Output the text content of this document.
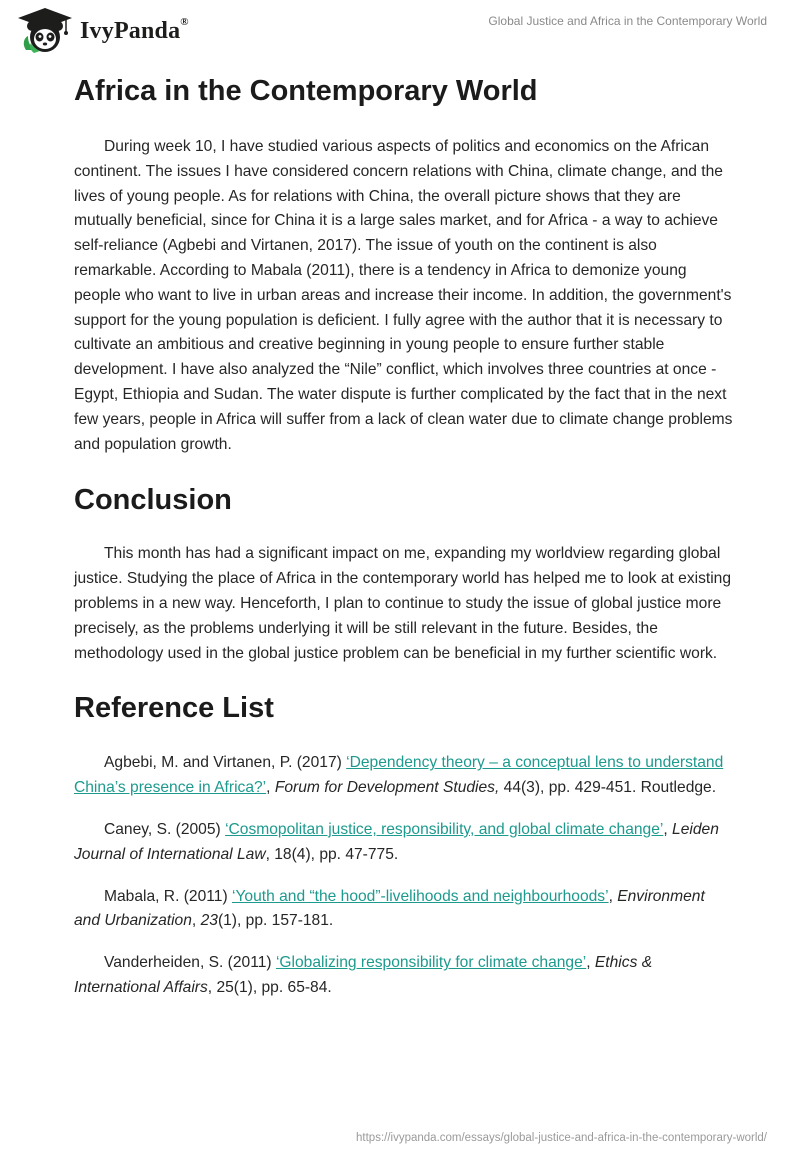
IvyPanda®	Global Justice and Africa in the Contemporary World
Africa in the Contemporary World

During week 10, I have studied various aspects of politics and economics on the African continent. The issues I have considered concern relations with China, climate change, and the lives of young people. As for relations with China, the overall picture shows that they are mutually beneficial, since for China it is a large sales market, and for Africa - a way to achieve self-reliance (Agbebi and Virtanen, 2017). The issue of youth on the continent is also remarkable. According to Mabala (2011), there is a tendency in Africa to demonize young people who want to live in urban areas and increase their income. In addition, the government's support for the young population is deficient. I fully agree with the author that it is necessary to cultivate an ambitious and creative beginning in young people to ensure further stable development. I have also analyzed the “Nile” conflict, which involves three countries at once - Egypt, Ethiopia and Sudan. The water dispute is further complicated by the fact that in the next few years, people in Africa will suffer from a lack of clean water due to climate change problems and population growth.

Conclusion

This month has had a significant impact on me, expanding my worldview regarding global justice. Studying the place of Africa in the contemporary world has helped me to look at existing problems in a new way. Henceforth, I plan to continue to study the issue of global justice more precisely, as the problems underlying it will be still relevant in the future. Besides, the methodology used in the global justice problem can be beneficial in my further scientific work.

Reference List

Agbebi, M. and Virtanen, P. (2017) ‘Dependency theory – a conceptual lens to understand China’s presence in Africa?’, Forum for Development Studies, 44(3), pp. 429-451. Routledge.

Caney, S. (2005) ‘Cosmopolitan justice, responsibility, and global climate change’, Leiden Journal of International Law, 18(4), pp. 47-775.

Mabala, R. (2011) ‘Youth and “the hood”-livelihoods and neighbourhoods’, Environment and Urbanization, 23(1), pp. 157-181.

Vanderheiden, S. (2011) ‘Globalizing responsibility for climate change’, Ethics & International Affairs, 25(1), pp. 65-84.

https://ivypanda.com/essays/global-justice-and-africa-in-the-contemporary-world/
